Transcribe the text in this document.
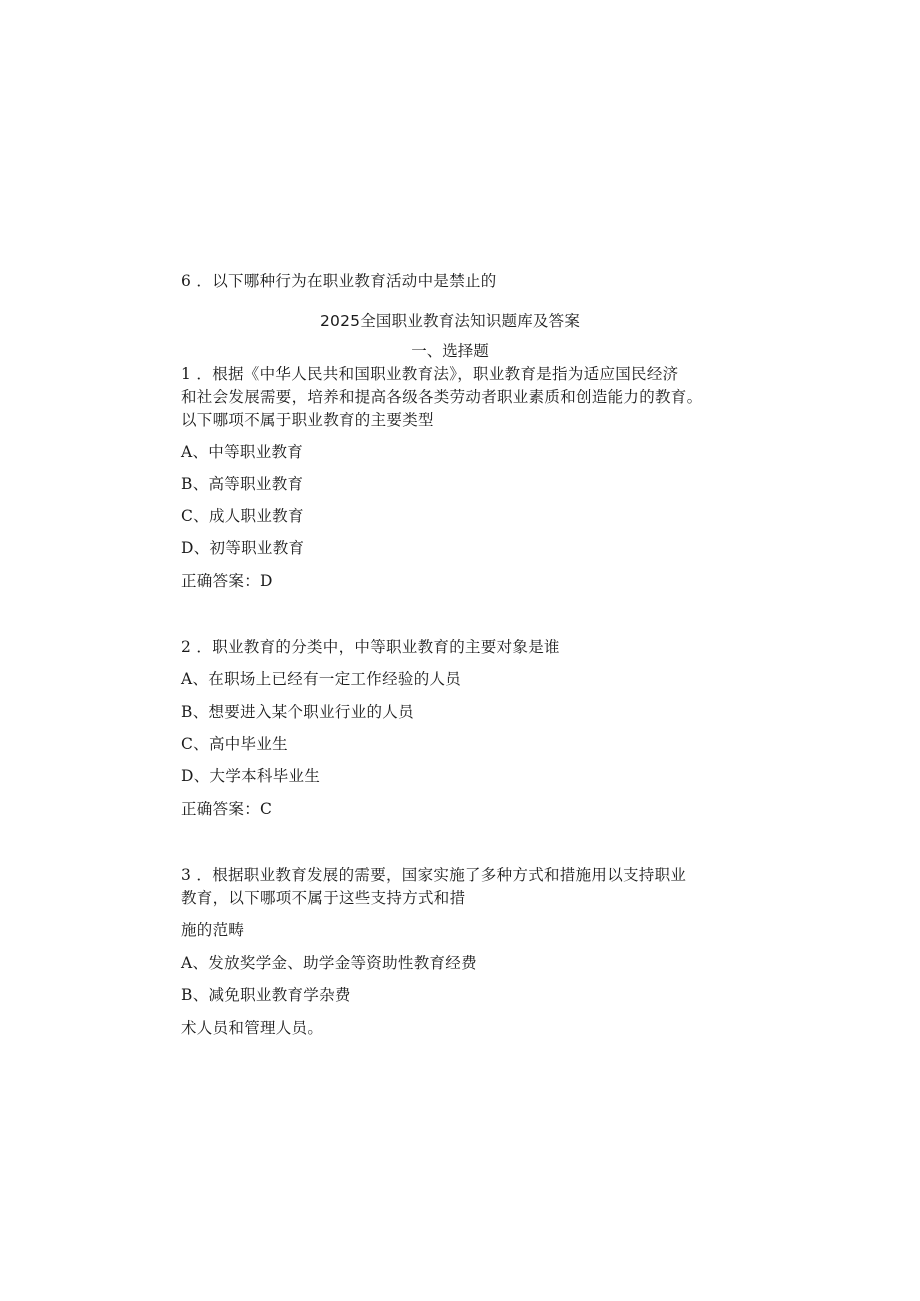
6 ．以下哪种行为在职业教育活动中是禁止的
2025全国职业教育法知识题库及答案
一、选择题
1 ．根据《中华人民共和国职业教育法》，职业教育是指为适应国民经济
和社会发展需要，培养和提高各级各类劳动者职业素质和创造能力的教育。
以下哪项不属于职业教育的主要类型
A、中等职业教育
B、高等职业教育
C、成人职业教育
D、初等职业教育
正确答案：D
2 ．职业教育的分类中，中等职业教育的主要对象是谁
A、在职场上已经有一定工作经验的人员
B、想要进入某个职业行业的人员
C、高中毕业生
D、大学本科毕业生
正确答案：C
3 ．根据职业教育发展的需要，国家实施了多种方式和措施用以支持职业
教育，以下哪项不属于这些支持方式和措
施的范畴
A、发放奖学金、助学金等资助性教育经费
B、减免职业教育学杂费
术人员和管理人员。
